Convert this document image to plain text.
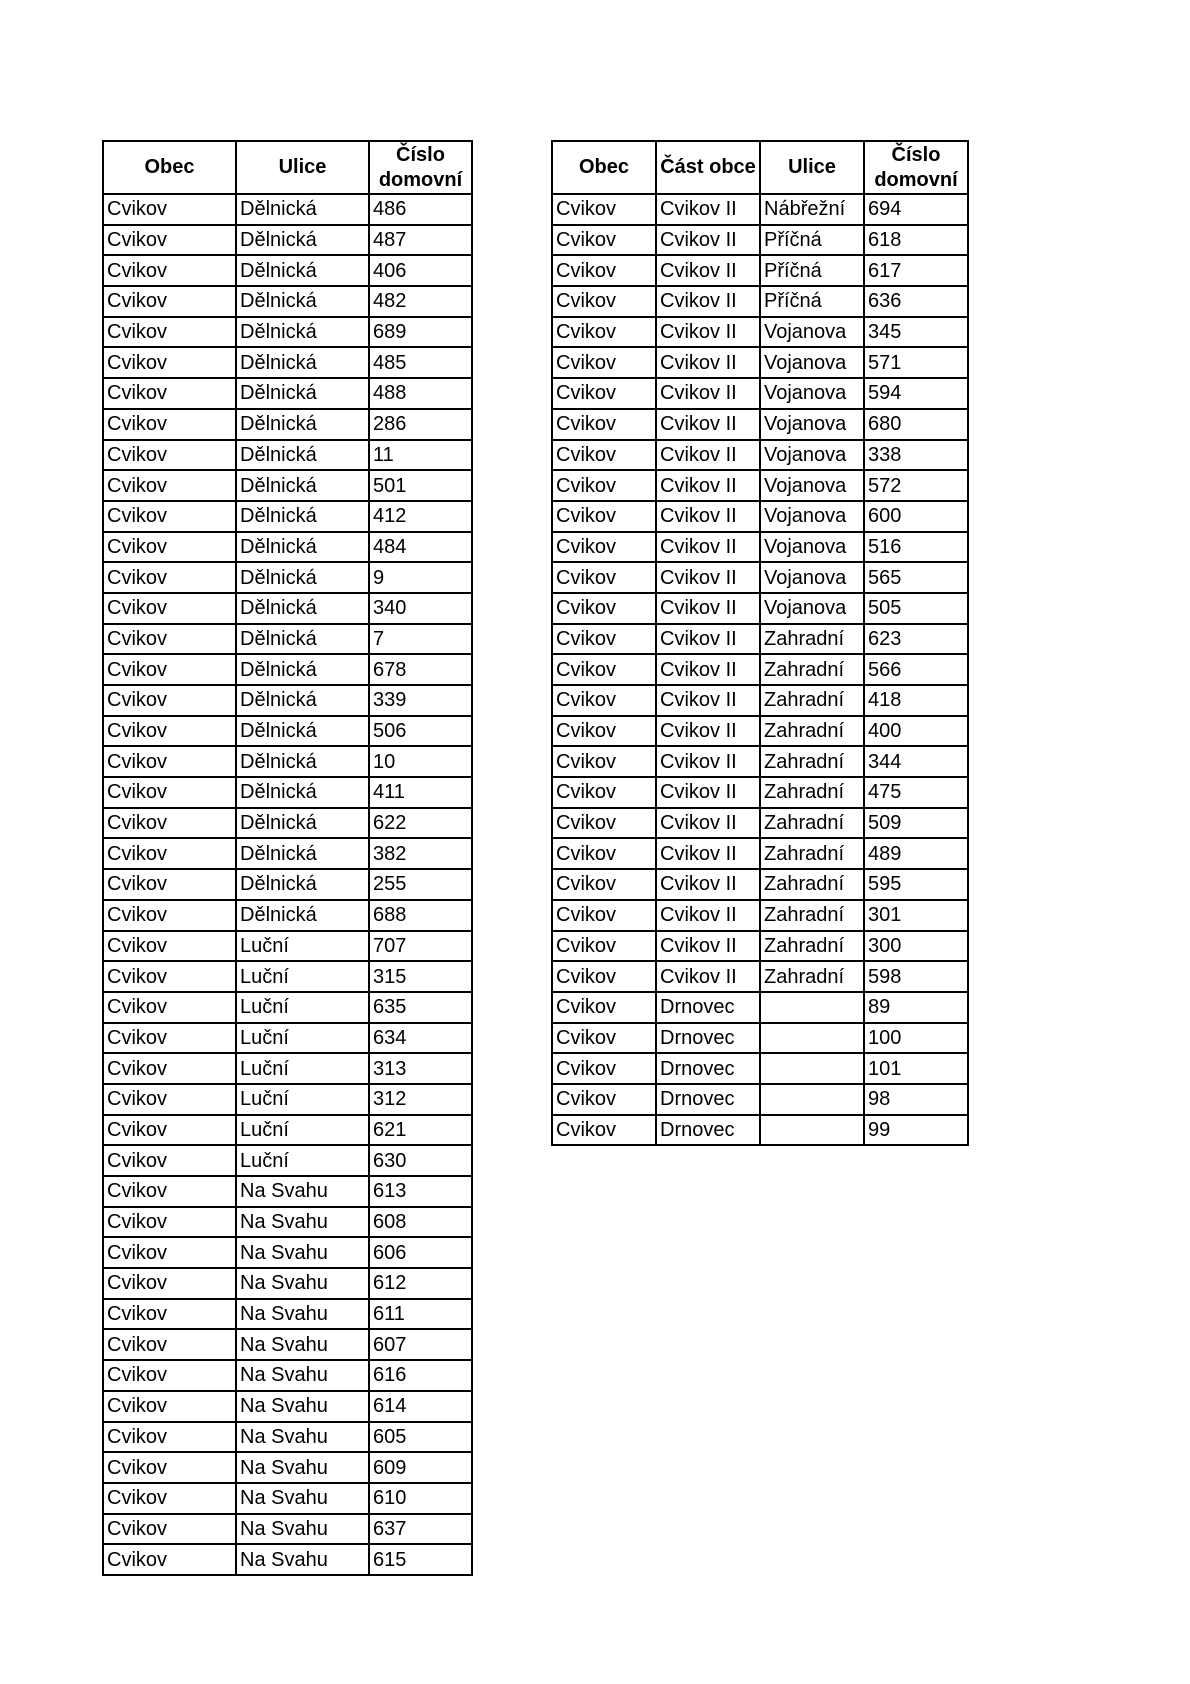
Obec	Ulice	Číslo domovní
Cvikov	Dělnická	486
Cvikov	Dělnická	487
Cvikov	Dělnická	406
Cvikov	Dělnická	482
Cvikov	Dělnická	689
Cvikov	Dělnická	485
Cvikov	Dělnická	488
Cvikov	Dělnická	286
Cvikov	Dělnická	11
Cvikov	Dělnická	501
Cvikov	Dělnická	412
Cvikov	Dělnická	484
Cvikov	Dělnická	9
Cvikov	Dělnická	340
Cvikov	Dělnická	7
Cvikov	Dělnická	678
Cvikov	Dělnická	339
Cvikov	Dělnická	506
Cvikov	Dělnická	10
Cvikov	Dělnická	411
Cvikov	Dělnická	622
Cvikov	Dělnická	382
Cvikov	Dělnická	255
Cvikov	Dělnická	688
Cvikov	Luční	707
Cvikov	Luční	315
Cvikov	Luční	635
Cvikov	Luční	634
Cvikov	Luční	313
Cvikov	Luční	312
Cvikov	Luční	621
Cvikov	Luční	630
Cvikov	Na Svahu	613
Cvikov	Na Svahu	608
Cvikov	Na Svahu	606
Cvikov	Na Svahu	612
Cvikov	Na Svahu	611
Cvikov	Na Svahu	607
Cvikov	Na Svahu	616
Cvikov	Na Svahu	614
Cvikov	Na Svahu	605
Cvikov	Na Svahu	609
Cvikov	Na Svahu	610
Cvikov	Na Svahu	637
Cvikov	Na Svahu	615
Obec	Část obce	Ulice	Číslo domovní
Cvikov	Cvikov II	Nábřežní	694
Cvikov	Cvikov II	Příčná	618
Cvikov	Cvikov II	Příčná	617
Cvikov	Cvikov II	Příčná	636
Cvikov	Cvikov II	Vojanova	345
Cvikov	Cvikov II	Vojanova	571
Cvikov	Cvikov II	Vojanova	594
Cvikov	Cvikov II	Vojanova	680
Cvikov	Cvikov II	Vojanova	338
Cvikov	Cvikov II	Vojanova	572
Cvikov	Cvikov II	Vojanova	600
Cvikov	Cvikov II	Vojanova	516
Cvikov	Cvikov II	Vojanova	565
Cvikov	Cvikov II	Vojanova	505
Cvikov	Cvikov II	Zahradní	623
Cvikov	Cvikov II	Zahradní	566
Cvikov	Cvikov II	Zahradní	418
Cvikov	Cvikov II	Zahradní	400
Cvikov	Cvikov II	Zahradní	344
Cvikov	Cvikov II	Zahradní	475
Cvikov	Cvikov II	Zahradní	509
Cvikov	Cvikov II	Zahradní	489
Cvikov	Cvikov II	Zahradní	595
Cvikov	Cvikov II	Zahradní	301
Cvikov	Cvikov II	Zahradní	300
Cvikov	Cvikov II	Zahradní	598
Cvikov	Drnovec		89
Cvikov	Drnovec		100
Cvikov	Drnovec		101
Cvikov	Drnovec		98
Cvikov	Drnovec		99
